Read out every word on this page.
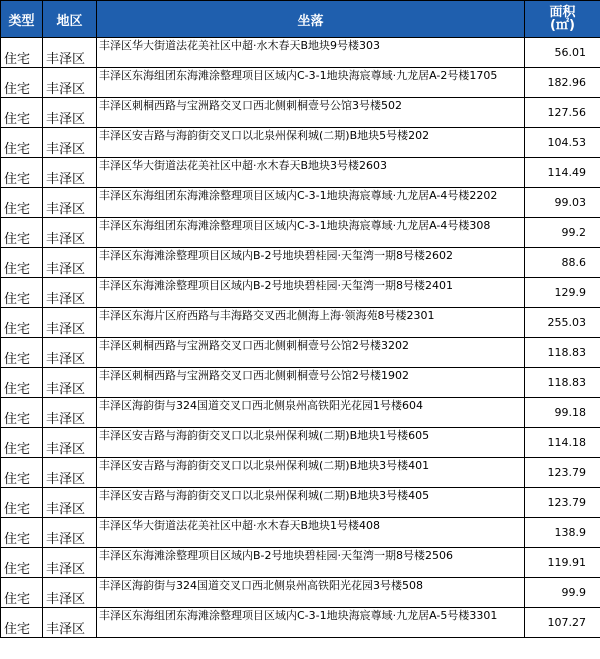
类型	地区	坐落	面积
(㎡)
住宅	丰泽区	丰泽区华大街道法花美社区中超·水木春天B地块9号楼303	56.01
住宅	丰泽区	丰泽区东海组团东海滩涂整理项目区域内C-3-1地块海宸尊域·九龙居A-2号楼1705	182.96
住宅	丰泽区	丰泽区刺桐西路与宝洲路交叉口西北侧刺桐壹号公馆3号楼502	127.56
住宅	丰泽区	丰泽区安吉路与海韵街交叉口以北泉州保利城(二期)B地块5号楼202	104.53
住宅	丰泽区	丰泽区华大街道法花美社区中超·水木春天B地块3号楼2603	114.49
住宅	丰泽区	丰泽区东海组团东海滩涂整理项目区域内C-3-1地块海宸尊域·九龙居A-4号楼2202	99.03
住宅	丰泽区	丰泽区东海组团东海滩涂整理项目区域内C-3-1地块海宸尊域·九龙居A-4号楼308	99.2
住宅	丰泽区	丰泽区东海滩涂整理项目区域内B-2号地块碧桂园·天玺湾一期8号楼2602	88.6
住宅	丰泽区	丰泽区东海滩涂整理项目区域内B-2号地块碧桂园·天玺湾一期8号楼2401	129.9
住宅	丰泽区	丰泽区东海片区府西路与丰海路交叉西北侧海上海·领海苑8号楼2301	255.03
住宅	丰泽区	丰泽区刺桐西路与宝洲路交叉口西北侧刺桐壹号公馆2号楼3202	118.83
住宅	丰泽区	丰泽区刺桐西路与宝洲路交叉口西北侧刺桐壹号公馆2号楼1902	118.83
住宅	丰泽区	丰泽区海韵街与324国道交叉口西北侧泉州高铁阳光花园1号楼604	99.18
住宅	丰泽区	丰泽区安吉路与海韵街交叉口以北泉州保利城(二期)B地块1号楼605	114.18
住宅	丰泽区	丰泽区安吉路与海韵街交叉口以北泉州保利城(二期)B地块3号楼401	123.79
住宅	丰泽区	丰泽区安吉路与海韵街交叉口以北泉州保利城(二期)B地块3号楼405	123.79
住宅	丰泽区	丰泽区华大街道法花美社区中超·水木春天B地块1号楼408	138.9
住宅	丰泽区	丰泽区东海滩涂整理项目区域内B-2号地块碧桂园·天玺湾一期8号楼2506	119.91
住宅	丰泽区	丰泽区海韵街与324国道交叉口西北侧泉州高铁阳光花园3号楼508	99.9
住宅	丰泽区	丰泽区东海组团东海滩涂整理项目区域内C-3-1地块海宸尊域·九龙居A-5号楼3301	107.27
